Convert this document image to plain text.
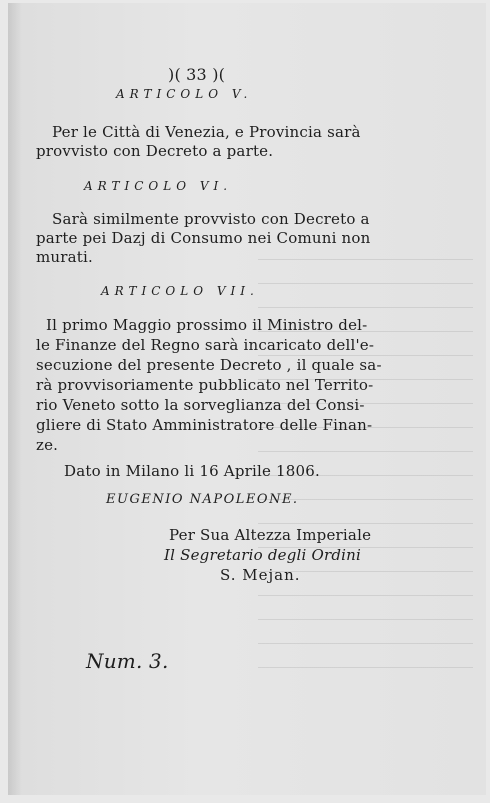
)( 33 )(
ARTICOLO V.
Per le Città di Venezia, e Provincia sarà
provvisto con Decreto a parte.
ARTICOLO VI.
Sarà similmente provvisto con Decreto a
parte pei Dazj di Consumo nei Comuni non
murati.
ARTICOLO VII.
Il primo Maggio prossimo il Ministro del-
le Finanze del Regno sarà incaricato dell'e-
secuzione del presente Decreto , il quale sa-
rà provvisoriamente pubblicato nel Territo-
rio Veneto sotto la sorveglianza del Consi-
gliere di Stato Amministratore delle Finan-
ze.
Dato in Milano li 16 Aprile 1806.
EUGENIO NAPOLEONE.
Per Sua Altezza Imperiale
Il Segretario degli Ordini
S. Mejan.
Num. 3.
